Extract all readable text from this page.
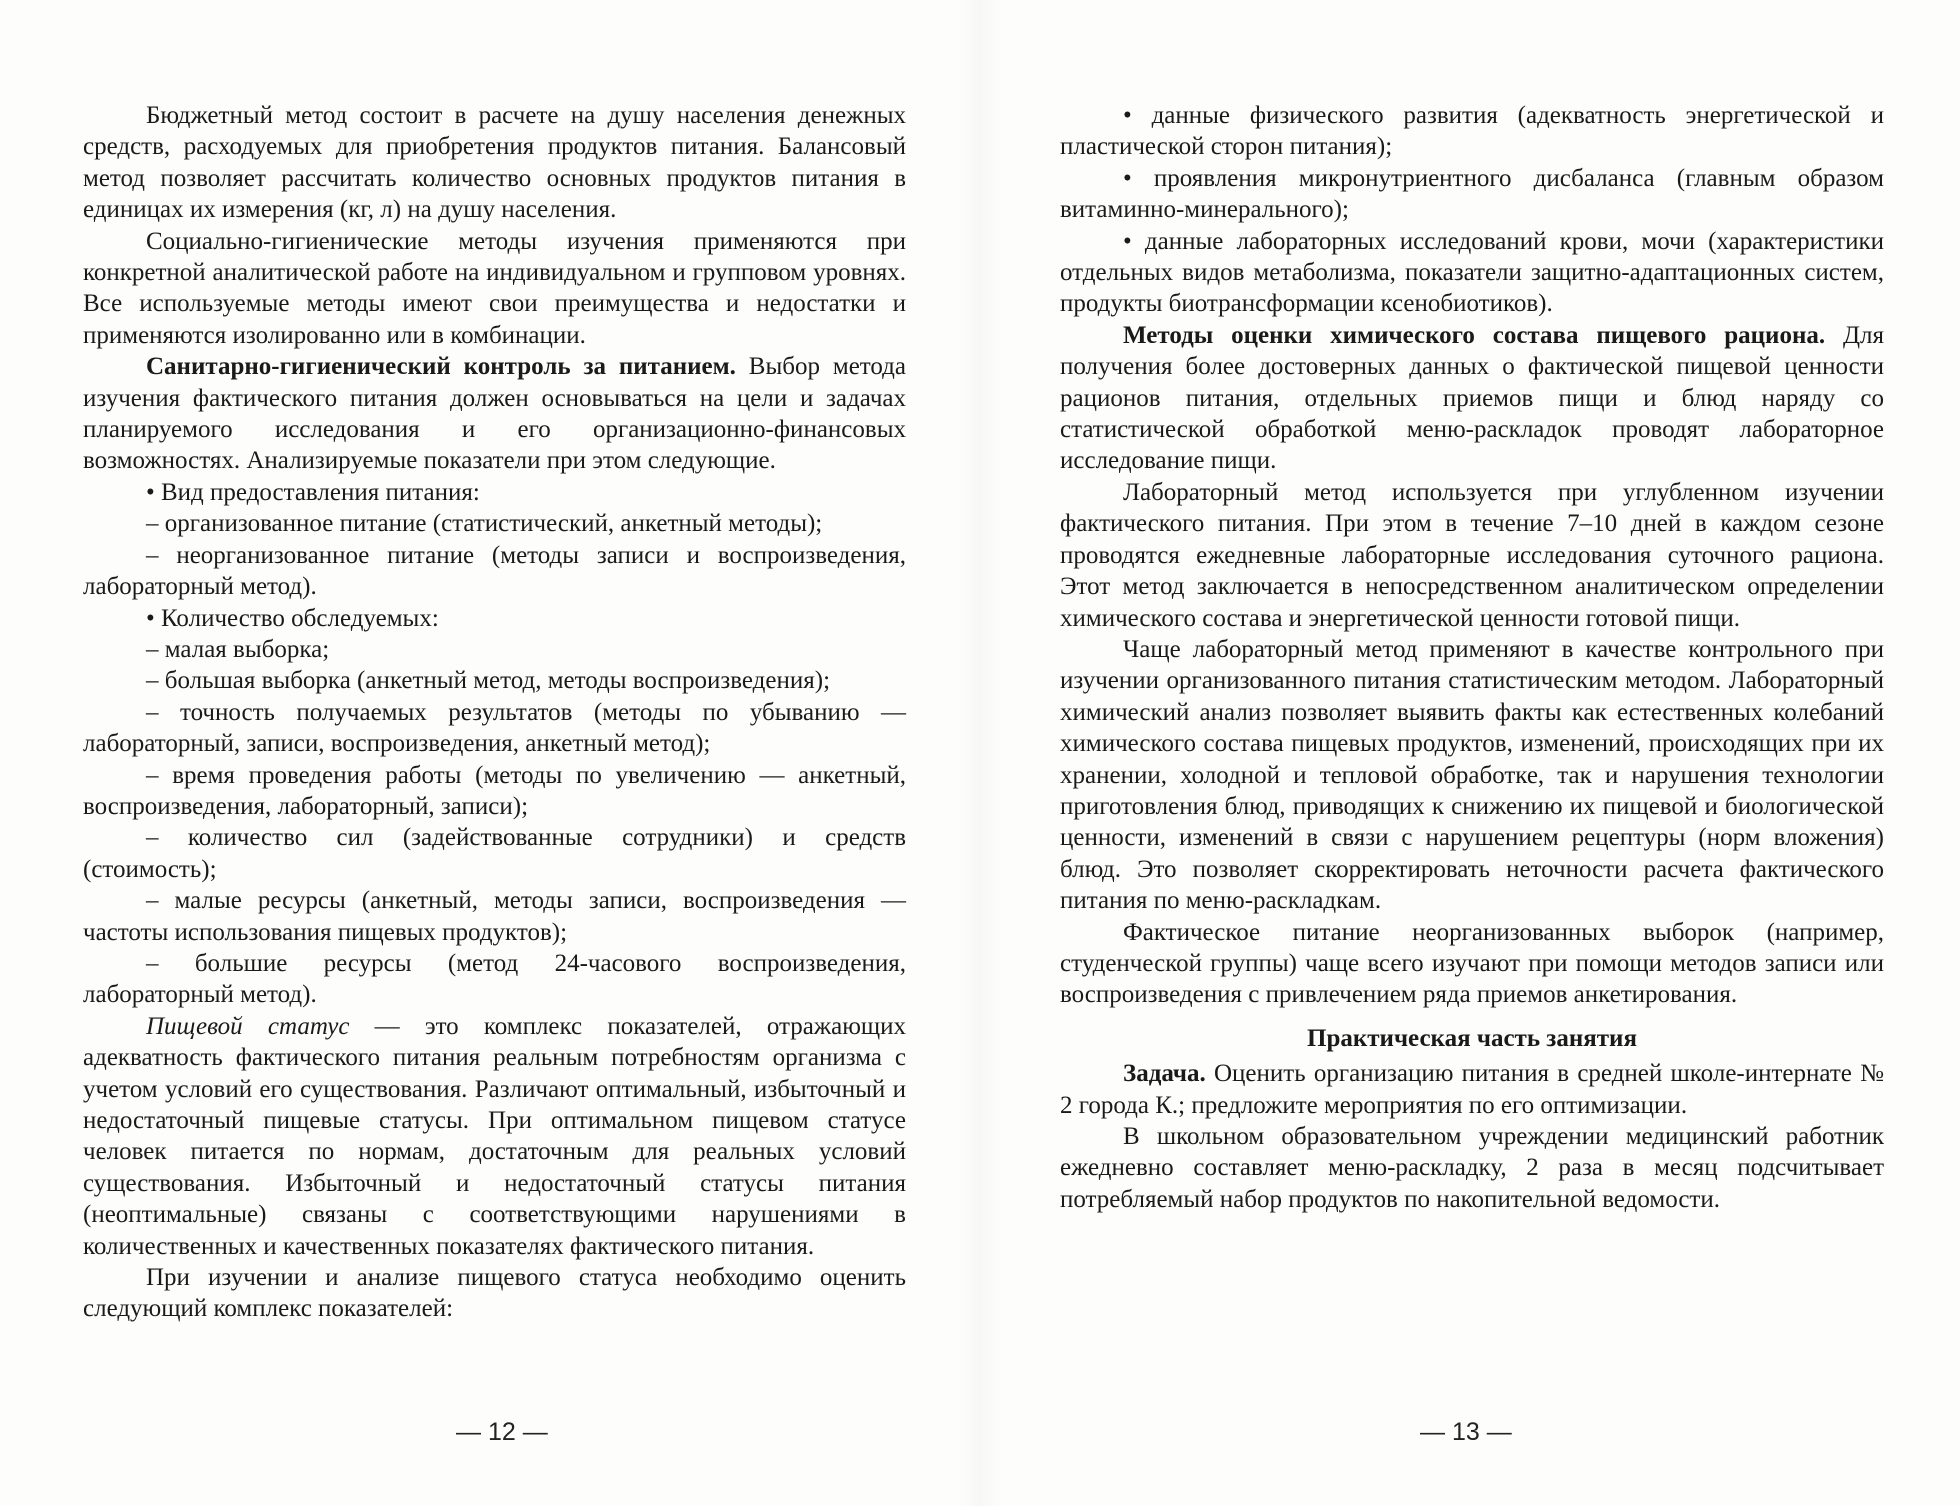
Бюджетный метод состоит в расчете на душу населения денежных средств, расходуемых для приобретения продуктов питания. Балансовый метод позволяет рассчитать количество основных продуктов питания в единицах их измерения (кг, л) на душу населения.

Социально-гигиенические методы изучения применяются при конкретной аналитической работе на индивидуальном и групповом уровнях. Все используемые методы имеют свои преимущества и недостатки и применяются изолированно или в комбинации.

Санитарно-гигиенический контроль за питанием. Выбор метода изучения фактического питания должен основываться на цели и задачах планируемого исследования и его организационно-финансовых возможностях. Анализируемые показатели при этом следующие.

• Вид предоставления питания:

– организованное питание (статистический, анкетный методы);

– неорганизованное питание (методы записи и воспроизведения, лабораторный метод).

• Количество обследуемых:

– малая выборка;

– большая выборка (анкетный метод, методы воспроизведения);

– точность получаемых результатов (методы по убыванию — лабораторный, записи, воспроизведения, анкетный метод);

– время проведения работы (методы по увеличению — анкетный, воспроизведения, лабораторный, записи);

– количество сил (задействованные сотрудники) и средств (стоимость);

– малые ресурсы (анкетный, методы записи, воспроизведения — частоты использования пищевых продуктов);

– большие ресурсы (метод 24-часового воспроизведения, лабораторный метод).

Пищевой статус — это комплекс показателей, отражающих адекватность фактического питания реальным потребностям организма с учетом условий его существования. Различают оптимальный, избыточный и недостаточный пищевые статусы. При оптимальном пищевом статусе человек питается по нормам, достаточным для реальных условий существования. Избыточный и недостаточный статусы питания (неоптимальные) связаны с соответствующими нарушениями в количественных и качественных показателях фактического питания.

При изучении и анализе пищевого статуса необходимо оценить следующий комплекс показателей:

— 12 —

• данные физического развития (адекватность энергетической и пластической сторон питания);

• проявления микронутриентного дисбаланса (главным образом витаминно-минерального);

• данные лабораторных исследований крови, мочи (характеристики отдельных видов метаболизма, показатели защитно-адаптационных систем, продукты биотрансформации ксенобиотиков).

Методы оценки химического состава пищевого рациона. Для получения более достоверных данных о фактической пищевой ценности рационов питания, отдельных приемов пищи и блюд наряду со статистической обработкой меню-раскладок проводят лабораторное исследование пищи.

Лабораторный метод используется при углубленном изучении фактического питания. При этом в течение 7–10 дней в каждом сезоне проводятся ежедневные лабораторные исследования суточного рациона. Этот метод заключается в непосредственном аналитическом определении химического состава и энергетической ценности готовой пищи.

Чаще лабораторный метод применяют в качестве контрольного при изучении организованного питания статистическим методом. Лабораторный химический анализ позволяет выявить факты как естественных колебаний химического состава пищевых продуктов, изменений, происходящих при их хранении, холодной и тепловой обработке, так и нарушения технологии приготовления блюд, приводящих к снижению их пищевой и биологической ценности, изменений в связи с нарушением рецептуры (норм вложения) блюд. Это позволяет скорректировать неточности расчета фактического питания по меню-раскладкам.

Фактическое питание неорганизованных выборок (например, студенческой группы) чаще всего изучают при помощи методов записи или воспроизведения с привлечением ряда приемов анкетирования.

Практическая часть занятия

Задача. Оценить организацию питания в средней школе-интернате № 2 города К.; предложите мероприятия по его оптимизации.

В школьном образовательном учреждении медицинский работник ежедневно составляет меню-раскладку, 2 раза в месяц подсчитывает потребляемый набор продуктов по накопительной ведомости.

— 13 —
